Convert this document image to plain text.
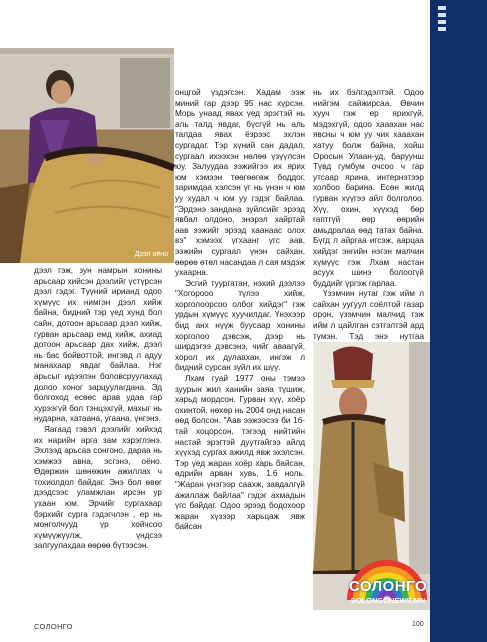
Дээл оёно

дээл гэж, зун намрын хонины арьсаар хийсэн дээлийг үстүрсэн дээл гэдэг. Түүний ирианд одоо хүмүүс их нимгэн дээл хийж байна, бидний тэр үед хунд бол сайн, дотоон арьсаар дээл хийж, гурван арьсаар емд хийж, ахиад дотоон арьсаар дах хийж, дээл нь бас бойвоттой, ингэвд л адуу манахаар явдаг байлаа. Нэг арьсыг идээлэн боловсруулахад долоо хоног зарцуулагдана. Эд болгоход есөөс арав удаа гар хурээгүй бол тэнцэхгүй, махыг нь нударна, хатаана, угаана, үнгэнэ.

Яагаад гэвэл дээлийг хийхэд их нарийн арга зам хэрэглэнэ. Эхлээд арьсаа сонгоно, дараа нь хэмжээ авна, эсгэнэ, оёно. Өдөржин шөнөжин ажиллах ч тохиолдол байдаг. Энэ бол өвөг дээдсээс уламжлан ирсэн ур ухаан юм. Эрчийг сургахаар бэрхийг сурга гэдэгчлэн , ер нь монголчууд үр хойчсоо хүмүүжүүлж, үндсээ залгуулахдаа өөрөө бүтээсэн.

онцгой үздэгсэн. Хадам ээж миний гар дээр 95 нас хүрсэн. Морь унаад явах үед эрэгтэй нь аль талд явдаг, бүсгүй нь аль талдаа явах ёзрээс эхлэн сургадаг. Тэр хүний сан дадал, сургаал ихээхэн нөлөө үзүүлсэн юу. Залуудаа ээжийгээ их ярих юм хэмээн төөгөөгөж боддог, заримдаа хэлсэн үг нь үнэн ч юм уу худал ч юм уу гэдэг байлаа. "Эрдэнэ зандана зуйлсийг эрээд явбал олдоно, энэрэл хайртай аав ээжийг эрээд хаанаас олох вэ" хэмээх үгхаанг үгс аав, ээжийн сургаал үнэн сайхан, өөрөө өтөл насандаа л сая мэдэж ухаарна.

Эсгий туургатан, нэхий дээлээ "Хогорооо түлээ хийж, хорголоорсоо олбог хийдэг" гэж урдын хүмүүс хуучилдаг. Үнэхээр бид анх нүүж буусаар хонины хорголоо дэвсэж, дээр нь ширдэгээ дэвсэнэ, чийг аваагүй, хорол их дулаахан, ингэж л бидний сурсан зүйл их шүү.

Лхам гуай 1977 оны тэмээ зуурын жил ханийн заяа түшиж, харьд мордсон. Гурван хүү, хоёр охинтой, нөхөр нь 2004 онд насан өөд болсон. "Аав ээжээсээ би 16-тай хоцорсон, тэгээд нийтийн настай эрэгтэй дуутгайгээ айлд хүүхэд сургах ажилд явж эхэлсэн. Тэр үед жаран хоёр харь байсан, өдрийн арван хувь, 1.6 ноль. "Жаран үнэгээр саахж, завдалгүй ажиллаж байлаа" гэдэг ахмадын үгс байдаг. Одоо эрээд бодохоор жаран хүзээр харьцаж явж байсан

нь их бэлгэдэлтэй. Одоо нийгэм сайжирсаа. Өвчин хууч гэж ер ярихгүй, мэдэхгүй, одоо хааахан нас явсны ч юм уу чих хааахан хатуу болж байна, хойш Оросын Улаан-уд, баруунш Түвд гумбум очсоо ч гар утсаар ярина, интернэтээр холбоо барина. Есөн жилд гурван хүүгээ айл болголоо. Хүү, охин, хүүхэд бөр гаптгүй өөр өөрийн амьдралаа өөд татах байна. Бүгд л айргаа игсэж, аарцаа хийдэг энгийн нэгэн малчин хүмүүс гэж Лхам настан асуух шинэ болоогүй буддийг үргэж гарлаа.

Үзэмчин нутаг гэж ийм л сайхан уугуул соёлтой газар орон, үзэмчин малчид гэж ийм л цайлган сэтгэлтэй ард түмэн. Тэд энэ нутгаа

СОЛОНГО
SOLONGONEWS.MN
СОЛОНГО	100
